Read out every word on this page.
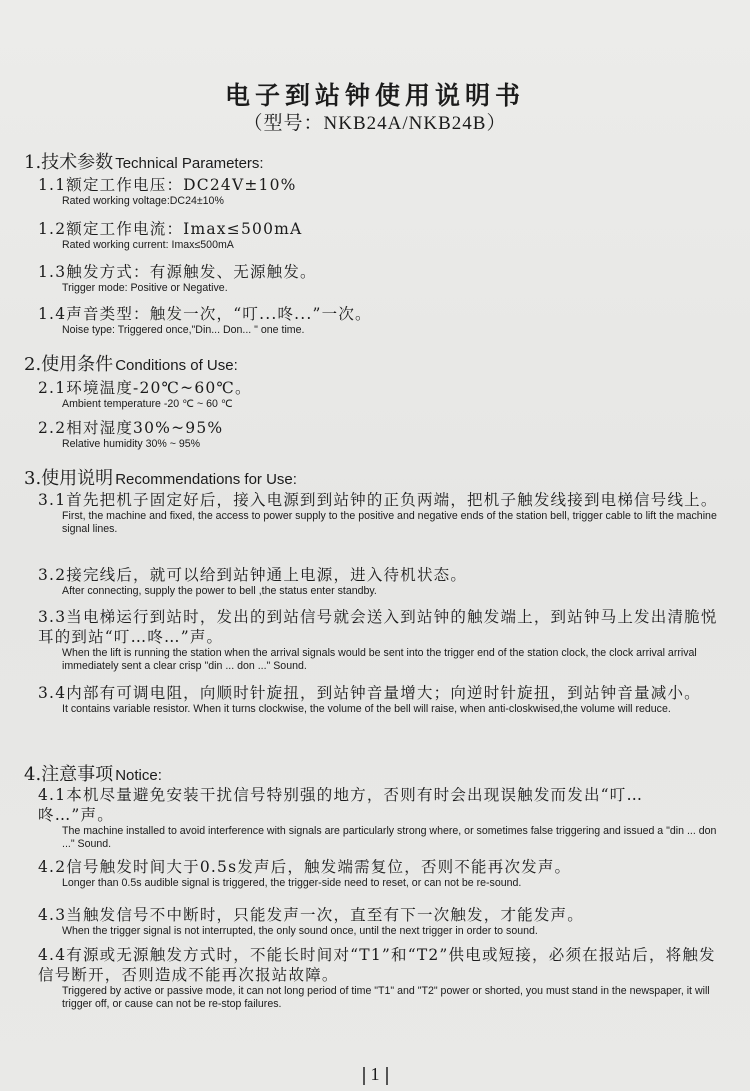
电子到站钟使用说明书
（型号：NKB24A/NKB24B）
1.技术参数 Technical Parameters:
1.1额定工作电压：DC24V±10%
Rated working voltage:DC24±10%
1.2额定工作电流：Imax≤500mA
Rated working current: Imax≤500mA
1.3触发方式：有源触发、无源触发。
Trigger mode: Positive or Negative.
1.4声音类型：触发一次，“叮...咚...”一次。
Noise type: Triggered once,"Din... Don... " one time.
2.使用条件 Conditions of Use:
2.1环境温度-20℃~60℃。
Ambient temperature -20 ℃ ~ 60 ℃
2.2相对湿度30%~95%
Relative humidity 30% ~ 95%
3.使用说明 Recommendations for Use:
3.1首先把机子固定好后，接入电源到到站钟的正负两端，把机子触发线接到电梯信号线上。
First, the machine and fixed, the access to power supply to the positive and negative ends of the station bell, trigger cable to lift the machine signal lines.
3.2接完线后，就可以给到站钟通上电源，进入待机状态。
After connecting, supply the power to bell ,the status enter standby.
3.3当电梯运行到站时，发出的到站信号就会送入到站钟的触发端上，到站钟马上发出清脆悦耳的到站“叮…咚…”声。
When the lift is running the station when the arrival signals would be sent into the trigger end of the station clock, the clock arrival arrival immediately sent a clear crisp "din ... don ..." Sound.
3.4内部有可调电阻，向顺时针旋扭，到站钟音量增大；向逆时针旋扭，到站钟音量减小。
It contains variable resistor. When it turns clockwise, the volume of the bell will raise, when anti-closkwised,the volume will reduce.
4.注意事项 Notice:
4.1本机尽量避免安装干扰信号特别强的地方，否则有时会出现误触发而发出“叮…咚…”声。
The machine installed to avoid interference with signals are particularly strong where, or sometimes false triggering and issued a "din ... don ..." Sound.
4.2信号触发时间大于0.5s发声后，触发端需复位，否则不能再次发声。
Longer than 0.5s audible signal is triggered, the trigger-side need to reset, or can not be re-sound.
4.3当触发信号不中断时，只能发声一次，直至有下一次触发，才能发声。
When the trigger signal is not interrupted, the only sound once, until the next trigger in order to sound.
4.4有源或无源触发方式时，不能长时间对“T1”和“T2”供电或短接，必须在报站后，将触发信号断开，否则造成不能再次报站故障。
Triggered by active or passive mode, it can not long period of time "T1" and "T2" power or shorted, you must stand in the newspaper, it will trigger off, or cause can not be re-stop failures.
1
